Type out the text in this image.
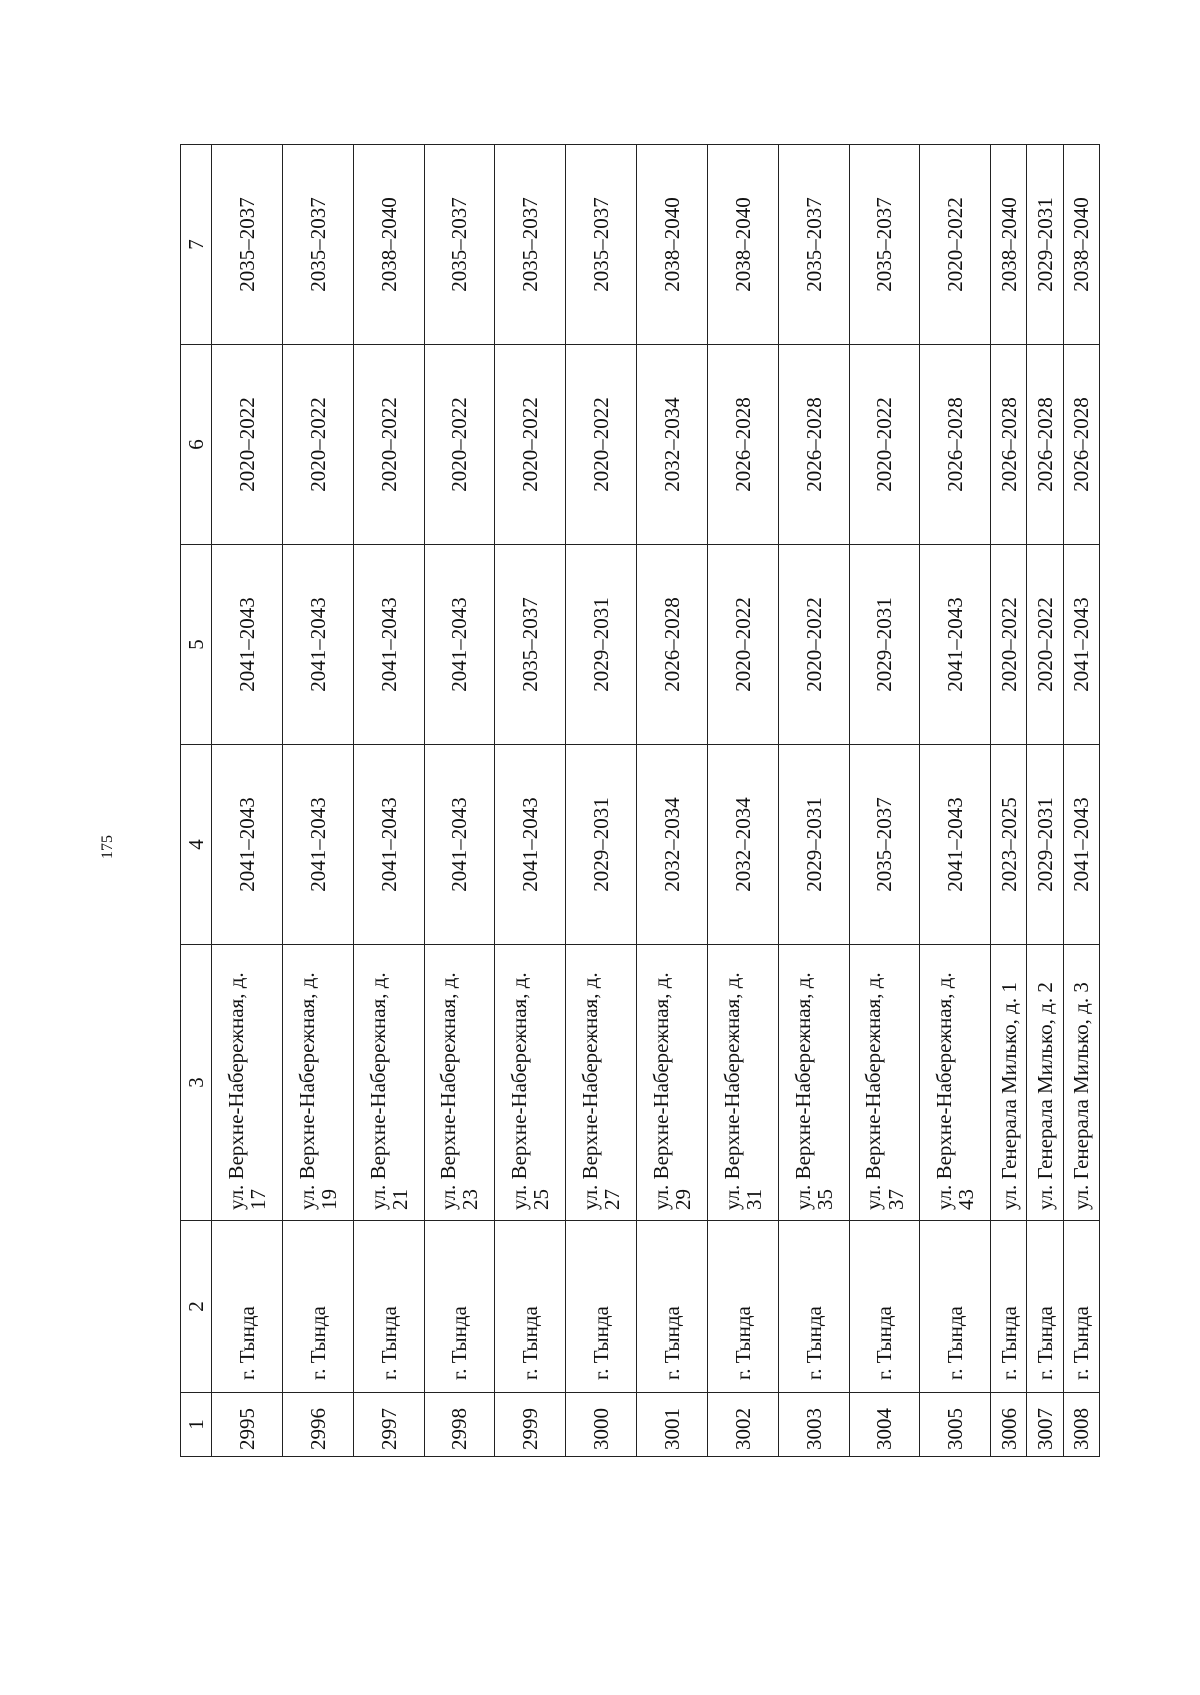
175
1	2	3	4	5	6	7
2995	г. Тында	ул. Верхне-Набережная, д. 17	2041–2043	2041–2043	2020–2022	2035–2037
2996	г. Тында	ул. Верхне-Набережная, д. 19	2041–2043	2041–2043	2020–2022	2035–2037
2997	г. Тында	ул. Верхне-Набережная, д. 21	2041–2043	2041–2043	2020–2022	2038–2040
2998	г. Тында	ул. Верхне-Набережная, д. 23	2041–2043	2041–2043	2020–2022	2035–2037
2999	г. Тында	ул. Верхне-Набережная, д. 25	2041–2043	2035–2037	2020–2022	2035–2037
3000	г. Тында	ул. Верхне-Набережная, д. 27	2029–2031	2029–2031	2020–2022	2035–2037
3001	г. Тында	ул. Верхне-Набережная, д. 29	2032–2034	2026–2028	2032–2034	2038–2040
3002	г. Тында	ул. Верхне-Набережная, д. 31	2032–2034	2020–2022	2026–2028	2038–2040
3003	г. Тында	ул. Верхне-Набережная, д. 35	2029–2031	2020–2022	2026–2028	2035–2037
3004	г. Тында	ул. Верхне-Набережная, д. 37	2035–2037	2029–2031	2020–2022	2035–2037
3005	г. Тында	ул. Верхне-Набережная, д. 43	2041–2043	2041–2043	2026–2028	2020–2022
3006	г. Тында	ул. Генерала Милько, д. 1	2023–2025	2020–2022	2026–2028	2038–2040
3007	г. Тында	ул. Генерала Милько, д. 2	2029–2031	2020–2022	2026–2028	2029–2031
3008	г. Тында	ул. Генерала Милько, д. 3	2041–2043	2041–2043	2026–2028	2038–2040
